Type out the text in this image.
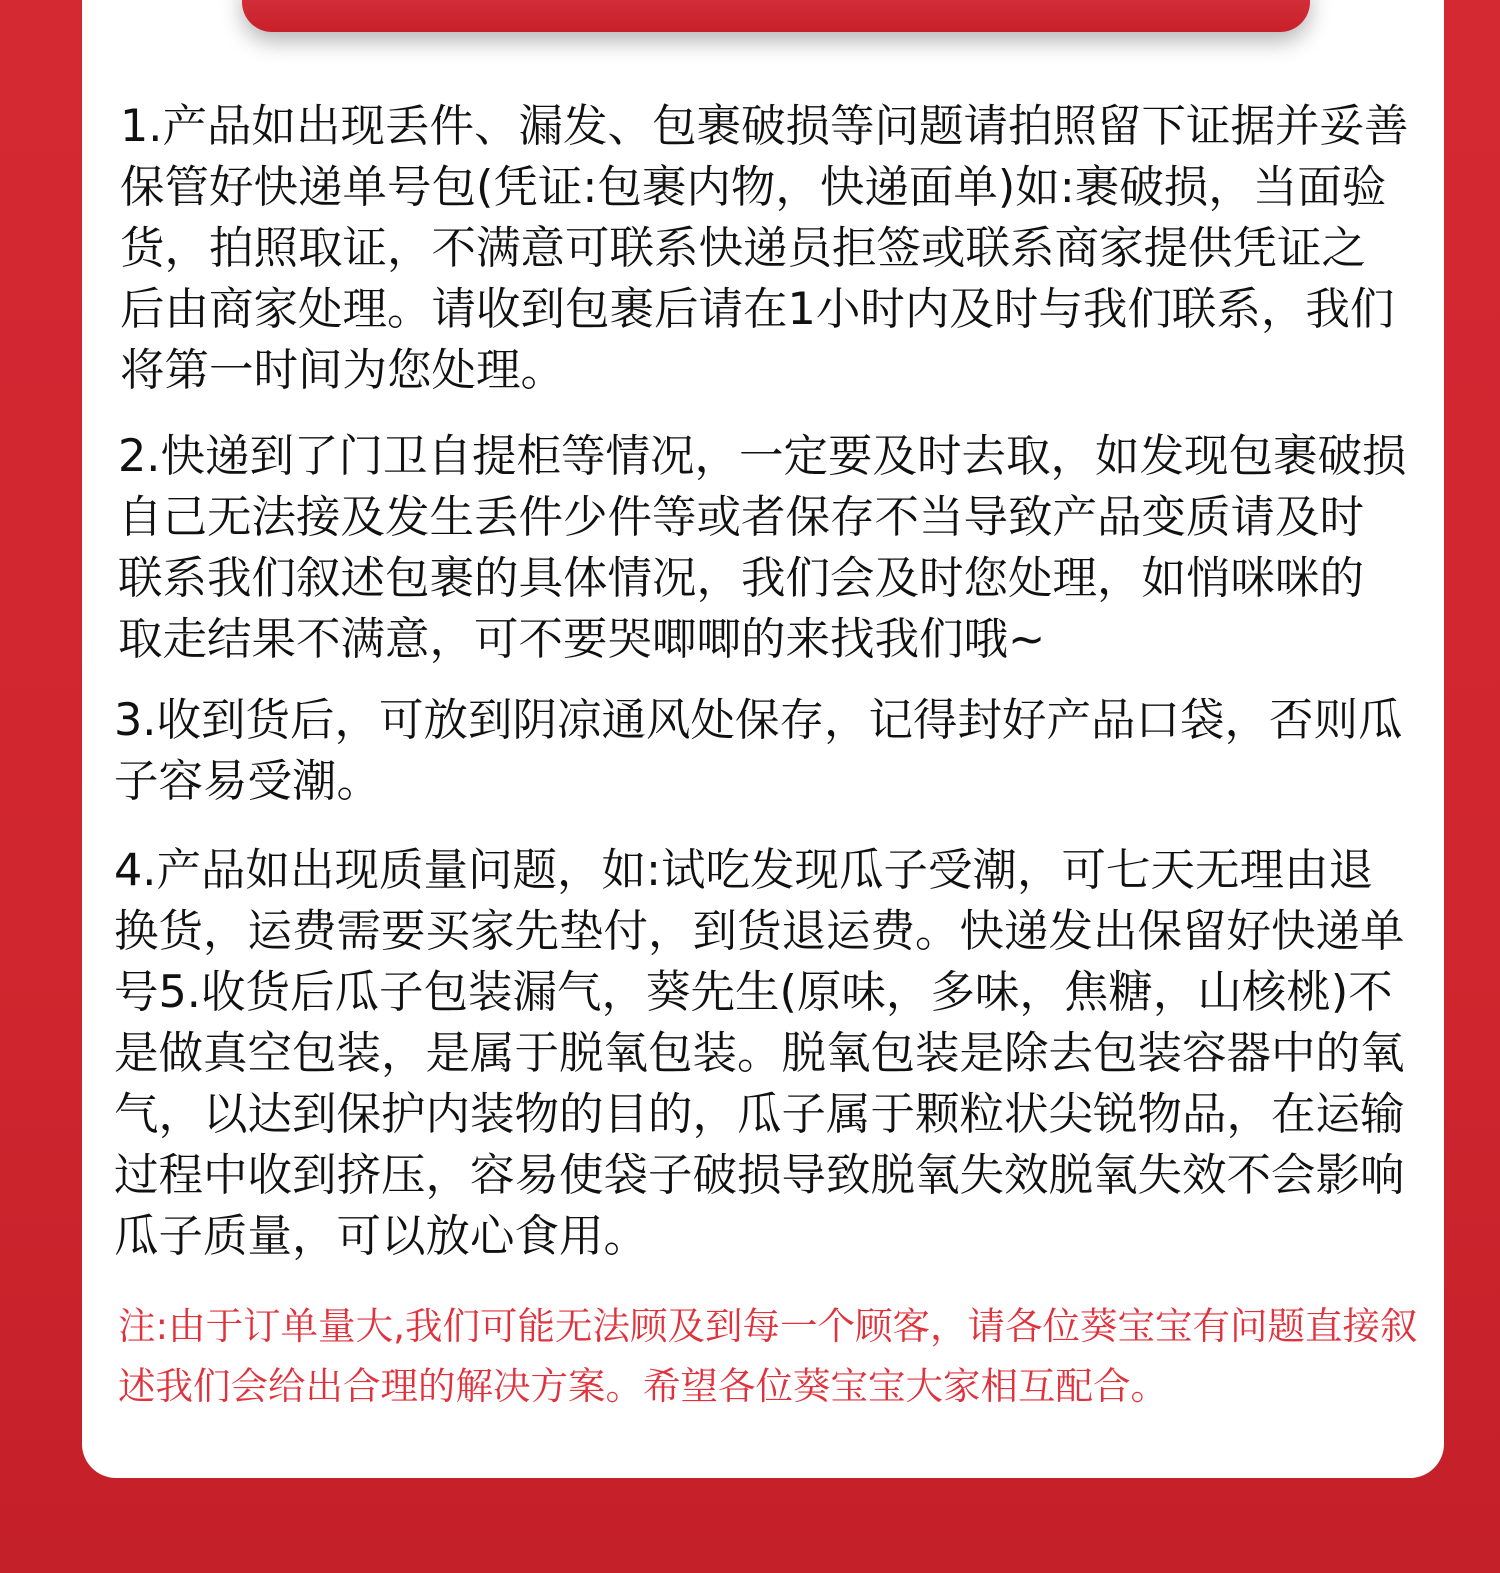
1.产品如出现丢件、漏发、包裹破损等问题请拍照留下证据并妥善保管好快递单号包(凭证:包裹内物，快递面单)如:裹破损，当面验货，拍照取证，不满意可联系快递员拒签或联系商家提供凭证之后由商家处理。请收到包裹后请在1小时内及时与我们联系，我们将第一时间为您处理。

2.快递到了门卫自提柜等情况，一定要及时去取，如发现包裹破损自己无法接及发生丢件少件等或者保存不当导致产品变质请及时联系我们叙述包裹的具体情况，我们会及时您处理，如悄咪咪的取走结果不满意，可不要哭唧唧的来找我们哦~

3.收到货后，可放到阴凉通风处保存，记得封好产品口袋，否则瓜子容易受潮。

4.产品如出现质量问题，如:试吃发现瓜子受潮，可七天无理由退换货，运费需要买家先垫付，到货退运费。快递发出保留好快递单号5.收货后瓜子包装漏气，葵先生(原味，多味，焦糖，山核桃)不是做真空包装，是属于脱氧包装。脱氧包装是除去包装容器中的氧气，以达到保护内装物的目的，瓜子属于颗粒状尖锐物品，在运输过程中收到挤压，容易使袋子破损导致脱氧失效脱氧失效不会影响瓜子质量，可以放心食用。

注:由于订单量大,我们可能无法顾及到每一个顾客，请各位葵宝宝有问题直接叙述我们会给出合理的解决方案。希望各位葵宝宝大家相互配合。
